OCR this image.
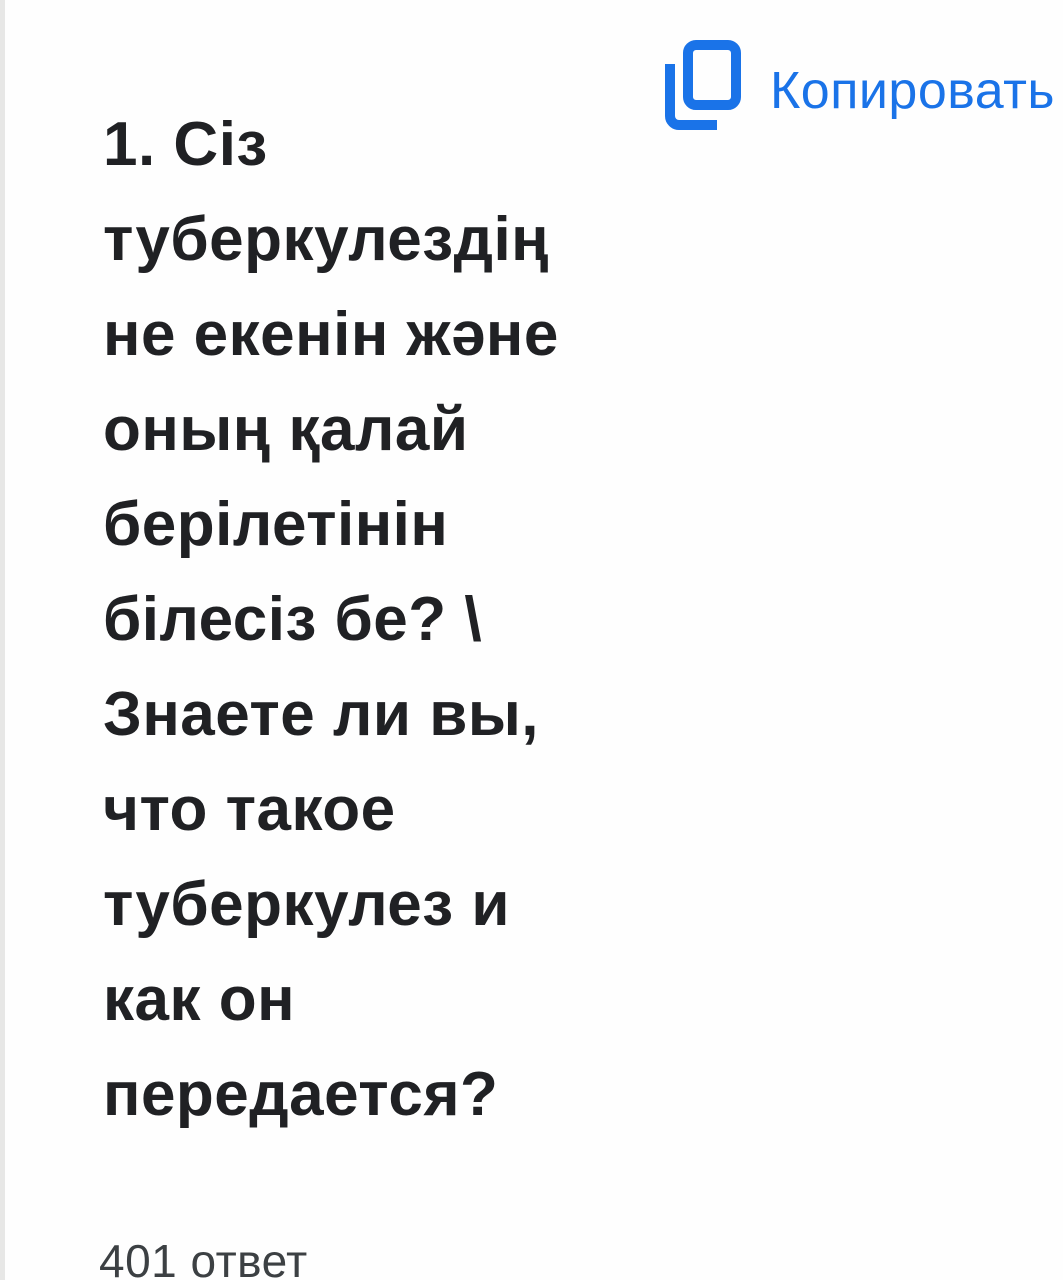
Копировать
1. Сіз
туберкулездің
не екенін және
оның қалай
берілетінін
білесіз бе? \
Знаете ли вы,
что такое
туберкулез и
как он
передается?
401 ответ
